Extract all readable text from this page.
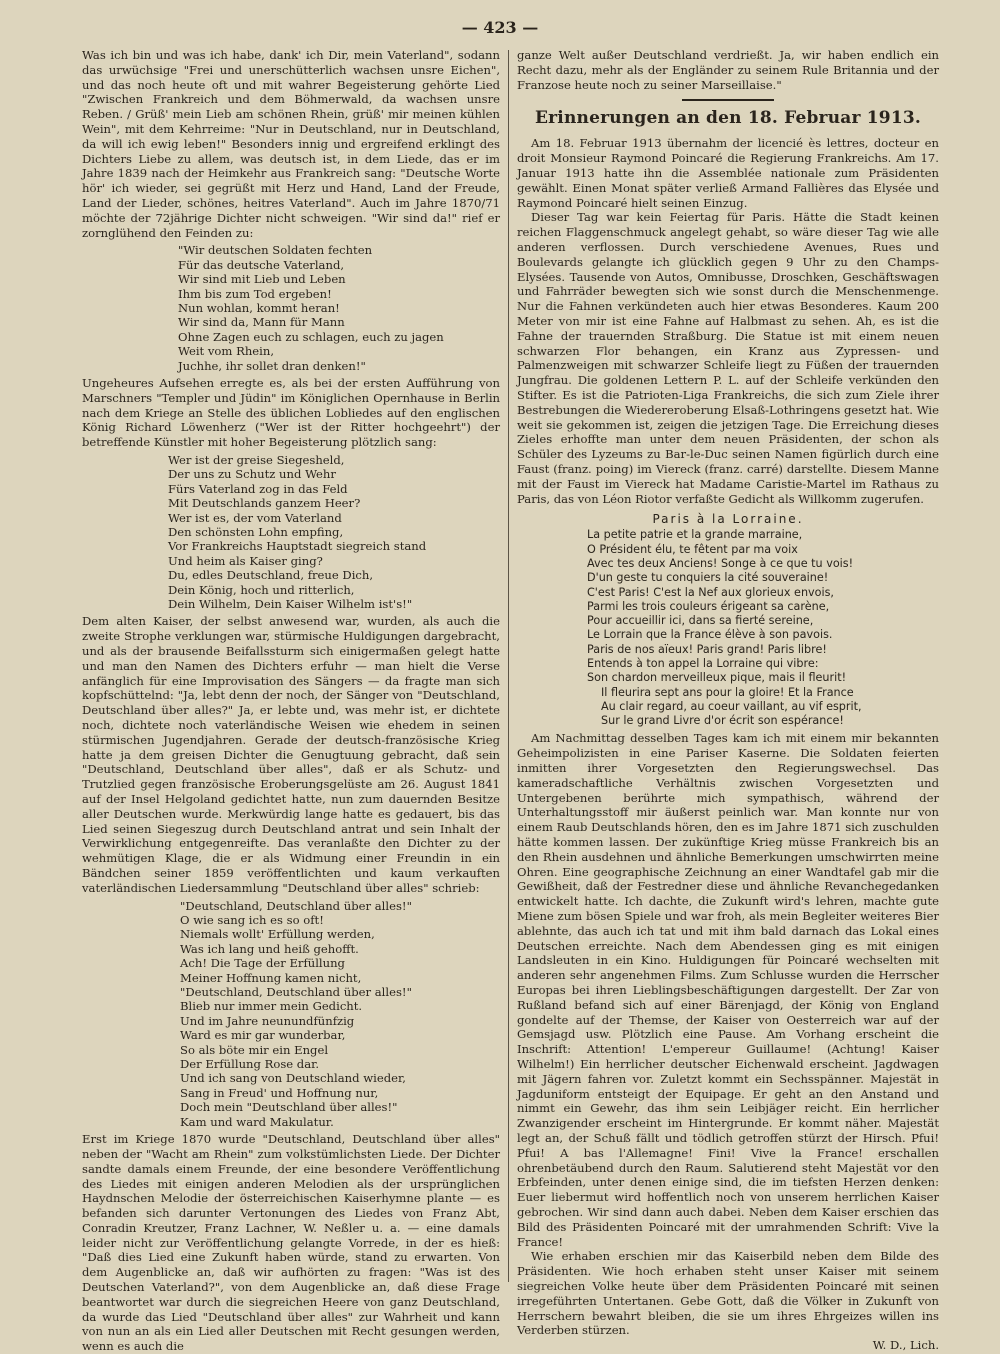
— 423 —

Was ich bin und was ich habe, dank' ich Dir, mein Vaterland", sodann das urwüchsige "Frei und unerschütterlich wachsen unsre Eichen", und das noch heute oft und mit wahrer Begeisterung gehörte Lied "Zwischen Frankreich und dem Böhmerwald, da wachsen unsre Reben. / Grüß' mein Lieb am schönen Rhein, grüß' mir meinen kühlen Wein", mit dem Kehrreime: "Nur in Deutschland, nur in Deutschland, da will ich ewig leben!" Besonders innig und ergreifend erklingt des Dichters Liebe zu allem, was deutsch ist, in dem Liede, das er im Jahre 1839 nach der Heimkehr aus Frankreich sang: "Deutsche Worte hör' ich wieder, sei gegrüßt mit Herz und Hand, Land der Freude, Land der Lieder, schönes, heitres Vaterland". Auch im Jahre 1870/71 möchte der 72jährige Dichter nicht schweigen. "Wir sind da!" rief er zornglühend den Feinden zu:

"Wir deutschen Soldaten fechten
Für das deutsche Vaterland,
Wir sind mit Lieb und Leben
Ihm bis zum Tod ergeben!
Nun wohlan, kommt heran!
Wir sind da, Mann für Mann
Ohne Zagen euch zu schlagen, euch zu jagen
Weit vom Rhein,
Juchhe, ihr sollet dran denken!"

Ungeheures Aufsehen erregte es, als bei der ersten Aufführung von Marschners "Templer und Jüdin" im Königlichen Opernhause in Berlin nach dem Kriege an Stelle des üblichen Lobliedes auf den englischen König Richard Löwenherz ("Wer ist der Ritter hochgeehrt") der betreffende Künstler mit hoher Begeisterung plötzlich sang:

Wer ist der greise Siegesheld,
Der uns zu Schutz und Wehr
Fürs Vaterland zog in das Feld
Mit Deutschlands ganzem Heer?
Wer ist es, der vom Vaterland
Den schönsten Lohn empfing,
Vor Frankreichs Hauptstadt siegreich stand
Und heim als Kaiser ging?
Du, edles Deutschland, freue Dich,
Dein König, hoch und ritterlich,
Dein Wilhelm, Dein Kaiser Wilhelm ist's!"

Dem alten Kaiser, der selbst anwesend war, wurden, als auch die zweite Strophe verklungen war, stürmische Huldigungen dargebracht, und als der brausende Beifallssturm sich einigermaßen gelegt hatte und man den Namen des Dichters erfuhr — man hielt die Verse anfänglich für eine Improvisation des Sängers — da fragte man sich kopfschüttelnd: "Ja, lebt denn der noch, der Sänger von "Deutschland, Deutschland über alles?" Ja, er lebte und, was mehr ist, er dichtete noch, dichtete noch vaterländische Weisen wie ehedem in seinen stürmischen Jugendjahren. Gerade der deutsch-französische Krieg hatte ja dem greisen Dichter die Genugtuung gebracht, daß sein "Deutschland, Deutschland über alles", daß er als Schutz- und Trutzlied gegen französische Eroberungsgelüste am 26. August 1841 auf der Insel Helgoland gedichtet hatte, nun zum dauernden Besitze aller Deutschen wurde. Merkwürdig lange hatte es gedauert, bis das Lied seinen Siegeszug durch Deutschland antrat und sein Inhalt der Verwirklichung entgegenreifte. Das veranlaßte den Dichter zu der wehmütigen Klage, die er als Widmung einer Freundin in ein Bändchen seiner 1859 veröffentlichten und kaum verkauften vaterländischen Liedersammlung "Deutschland über alles" schrieb:

"Deutschland, Deutschland über alles!"
O wie sang ich es so oft!
Niemals wollt' Erfüllung werden,
Was ich lang und heiß gehofft.
Ach! Die Tage der Erfüllung
Meiner Hoffnung kamen nicht,
"Deutschland, Deutschland über alles!"
Blieb nur immer mein Gedicht.
Und im Jahre neunundfünfzig
Ward es mir gar wunderbar,
So als böte mir ein Engel
Der Erfüllung Rose dar.
Und ich sang von Deutschland wieder,
Sang in Freud' und Hoffnung nur,
Doch mein "Deutschland über alles!"
Kam und ward Makulatur.

Erst im Kriege 1870 wurde "Deutschland, Deutschland über alles" neben der "Wacht am Rhein" zum volkstümlichsten Liede. Der Dichter sandte damals einem Freunde, der eine besondere Veröffentlichung des Liedes mit einigen anderen Melodien als der ursprünglichen Haydnschen Melodie der österreichischen Kaiserhymne plante — es befanden sich darunter Vertonungen des Liedes von Franz Abt, Conradin Kreutzer, Franz Lachner, W. Neßler u. a. — eine damals leider nicht zur Veröffentlichung gelangte Vorrede, in der es hieß: "Daß dies Lied eine Zukunft haben würde, stand zu erwarten. Von dem Augenblicke an, daß wir aufhörten zu fragen: "Was ist des Deutschen Vaterland?", von dem Augenblicke an, daß diese Frage beantwortet war durch die siegreichen Heere von ganz Deutschland, da wurde das Lied "Deutschland über alles" zur Wahrheit und kann von nun an als ein Lied aller Deutschen mit Recht gesungen werden, wenn es auch die

ganze Welt außer Deutschland verdrießt. Ja, wir haben endlich ein Recht dazu, mehr als der Engländer zu seinem Rule Britannia und der Franzose heute noch zu seiner Marseillaise."

Erinnerungen an den 18. Februar 1913.

Am 18. Februar 1913 übernahm der licencié ès lettres, docteur en droit Monsieur Raymond Poincaré die Regierung Frankreichs. Am 17. Januar 1913 hatte ihn die Assemblée nationale zum Präsidenten gewählt. Einen Monat später verließ Armand Fallières das Elysée und Raymond Poincaré hielt seinen Einzug.

Dieser Tag war kein Feiertag für Paris. Hätte die Stadt keinen reichen Flaggenschmuck angelegt gehabt, so wäre dieser Tag wie alle anderen verflossen. Durch verschiedene Avenues, Rues und Boulevards gelangte ich glücklich gegen 9 Uhr zu den Champs-Elysées. Tausende von Autos, Omnibusse, Droschken, Geschäftswagen und Fahrräder bewegten sich wie sonst durch die Menschenmenge. Nur die Fahnen verkündeten auch hier etwas Besonderes. Kaum 200 Meter von mir ist eine Fahne auf Halbmast zu sehen. Ah, es ist die Fahne der trauernden Straßburg. Die Statue ist mit einem neuen schwarzen Flor behangen, ein Kranz aus Zypressen- und Palmenzweigen mit schwarzer Schleife liegt zu Füßen der trauernden Jungfrau. Die goldenen Lettern P. L. auf der Schleife verkünden den Stifter. Es ist die Patrioten-Liga Frankreichs, die sich zum Ziele ihrer Bestrebungen die Wiedereroberung Elsaß-Lothringens gesetzt hat. Wie weit sie gekommen ist, zeigen die jetzigen Tage. Die Erreichung dieses Zieles erhoffte man unter dem neuen Präsidenten, der schon als Schüler des Lyzeums zu Bar-le-Duc seinen Namen figürlich durch eine Faust (franz. poing) im Viereck (franz. carré) darstellte. Diesem Manne mit der Faust im Viereck hat Madame Caristie-Martel im Rathaus zu Paris, das von Léon Riotor verfaßte Gedicht als Willkomm zugerufen.

Paris à la Lorraine.
La petite patrie et la grande marraine,
O Président élu, te fêtent par ma voix
Avec tes deux Anciens! Songe à ce que tu vois!
D'un geste tu conquiers la cité souveraine!
C'est Paris! C'est la Nef aux glorieux envois,
Parmi les trois couleurs érigeant sa carène,
Pour accueillir ici, dans sa fierté sereine,
Le Lorrain que la France élève à son pavois.
Paris de nos aïeux! Paris grand! Paris libre!
Entends à ton appel la Lorraine qui vibre:
Son chardon merveilleux pique, mais il fleurit!
Il fleurira sept ans pour la gloire! Et la France
Au clair regard, au coeur vaillant, au vif esprit,
Sur le grand Livre d'or écrit son espérance!

Am Nachmittag desselben Tages kam ich mit einem mir bekannten Geheimpolizisten in eine Pariser Kaserne. Die Soldaten feierten inmitten ihrer Vorgesetzten den Regierungswechsel. Das kameradschaftliche Verhältnis zwischen Vorgesetzten und Untergebenen berührte mich sympathisch, während der Unterhaltungsstoff mir äußerst peinlich war. Man konnte nur von einem Raub Deutschlands hören, den es im Jahre 1871 sich zuschulden hätte kommen lassen. Der zukünftige Krieg müsse Frankreich bis an den Rhein ausdehnen und ähnliche Bemerkungen umschwirrten meine Ohren. Eine geographische Zeichnung an einer Wandtafel gab mir die Gewißheit, daß der Festredner diese und ähnliche Revanchegedanken entwickelt hatte. Ich dachte, die Zukunft wird's lehren, machte gute Miene zum bösen Spiele und war froh, als mein Begleiter weiteres Bier ablehnte, das auch ich tat und mit ihm bald darnach das Lokal eines Deutschen erreichte. Nach dem Abendessen ging es mit einigen Landsleuten in ein Kino. Huldigungen für Poincaré wechselten mit anderen sehr angenehmen Films. Zum Schlusse wurden die Herrscher Europas bei ihren Lieblingsbeschäftigungen dargestellt. Der Zar von Rußland befand sich auf einer Bärenjagd, der König von England gondelte auf der Themse, der Kaiser von Oesterreich war auf der Gemsjagd usw. Plötzlich eine Pause. Am Vorhang erscheint die Inschrift: Attention! L'empereur Guillaume! (Achtung! Kaiser Wilhelm!) Ein herrlicher deutscher Eichenwald erscheint. Jagdwagen mit Jägern fahren vor. Zuletzt kommt ein Sechsspänner. Majestät in Jagduniform entsteigt der Equipage. Er geht an den Anstand und nimmt ein Gewehr, das ihm sein Leibjäger reicht. Ein herrlicher Zwanzigender erscheint im Hintergrunde. Er kommt näher. Majestät legt an, der Schuß fällt und tödlich getroffen stürzt der Hirsch. Pfui! Pfui! A bas l'Allemagne! Fini! Vive la France! erschallen ohrenbetäubend durch den Raum. Salutierend steht Majestät vor den Erbfeinden, unter denen einige sind, die im tiefsten Herzen denken: Euer liebermut wird hoffentlich noch von unserem herrlichen Kaiser gebrochen. Wir sind dann auch dabei. Neben dem Kaiser erschien das Bild des Präsidenten Poincaré mit der umrahmenden Schrift: Vive la France!

Wie erhaben erschien mir das Kaiserbild neben dem Bilde des Präsidenten. Wie hoch erhaben steht unser Kaiser mit seinem siegreichen Volke heute über dem Präsidenten Poincaré mit seinen irregeführten Untertanen. Gebe Gott, daß die Völker in Zukunft von Herrschern bewahrt bleiben, die sie um ihres Ehrgeizes willen ins Verderben stürzen.

W. D., Lich.
